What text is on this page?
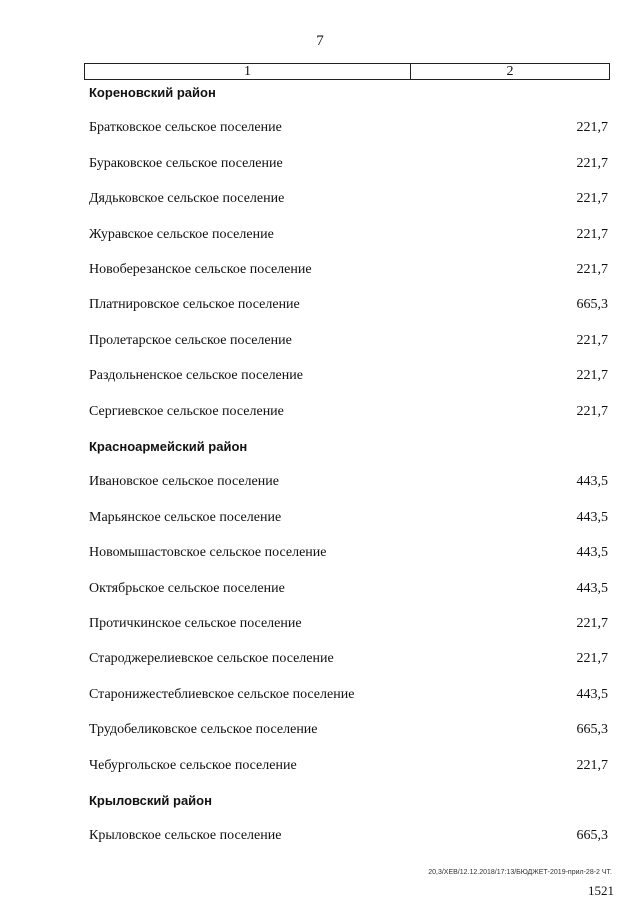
7
1	2
Кореновский район
Братковское сельское поселение	221,7
Бураковское сельское поселение	221,7
Дядьковское сельское поселение	221,7
Журавское сельское поселение	221,7
Новоберезанское сельское поселение	221,7
Платнировское сельское поселение	665,3
Пролетарское сельское поселение	221,7
Раздольненское сельское поселение	221,7
Сергиевское сельское поселение	221,7
Красноармейский район
Ивановское сельское поселение	443,5
Марьянское сельское поселение	443,5
Новомышастовское сельское поселение	443,5
Октябрьское сельское поселение	443,5
Протичкинское сельское поселение	221,7
Староджерелиевское сельское поселение	221,7
Старонижестеблиевское сельское поселение	443,5
Трудобеликовское сельское поселение	665,3
Чебургольское сельское поселение	221,7
Крыловский район
Крыловское сельское поселение	665,3
20,3/ХЕВ/12.12.2018/17:13/БЮДЖЕТ-2019-прил-28-2 ЧТ.
1521
